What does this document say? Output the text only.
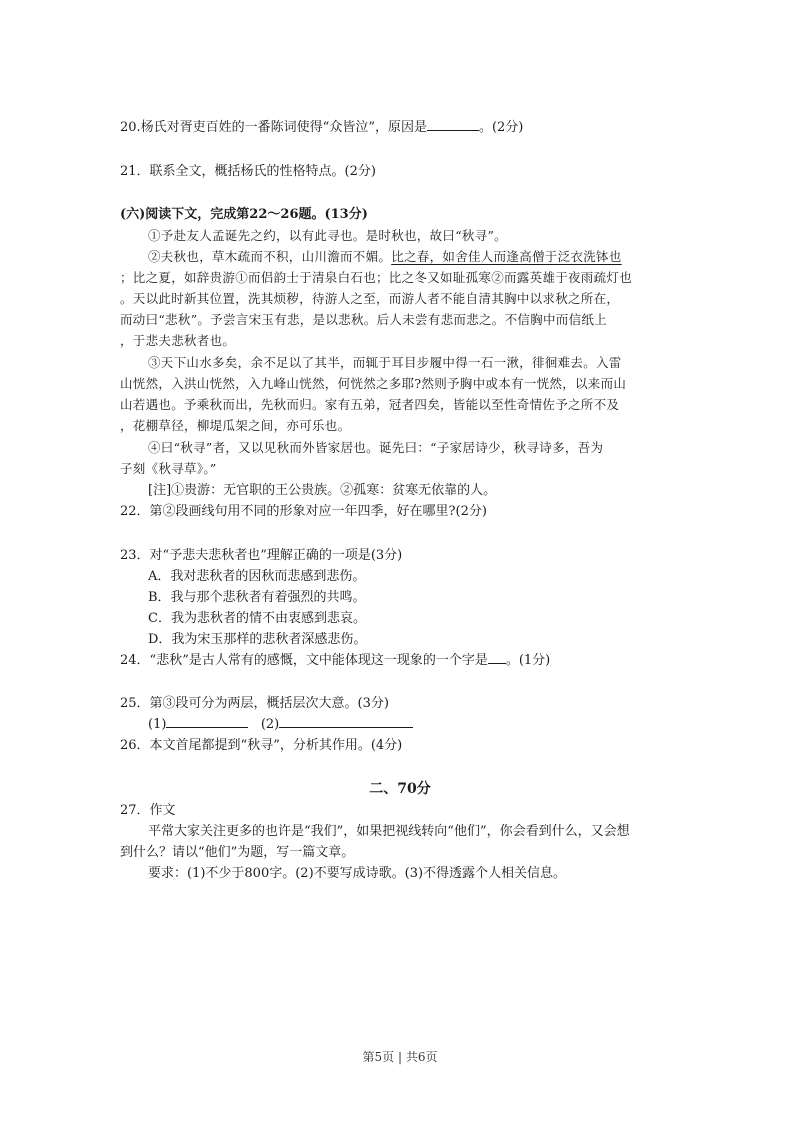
20.杨氏对胥吏百姓的一番陈词使得“众皆泣”，原因是	。(2分)
21．联系全文，概括杨氏的性格特点。(2分)
(六)阅读下文，完成第22～26题。(13分)
①予赴友人孟诞先之约，以有此寻也。是时秋也，故曰“秋寻”。
②夫秋也，草木疏而不积，山川澹而不媚。比之春，如舍佳人而逢高僧于泛衣洗钵也
；比之夏，如辞贵游①而侣韵士于清泉白石也；比之冬又如耻孤寒②而露英雄于夜雨疏灯也
。天以此时新其位置，洗其烦秽，待游人之至，而游人者不能自清其胸中以求秋之所在，
而动曰“悲秋”。予尝言宋玉有悲，是以悲秋。后人未尝有悲而悲之。不信胸中而信纸上
，于悲夫悲秋者也。
③天下山水多矣，余不足以了其半，而辄于耳目步履中得一石一湫，徘徊难去。入雷
山恍然，入洪山恍然，入九峰山恍然，何恍然之多耶?然则予胸中或本有一恍然，以来而山
山若遇也。予乘秋而出，先秋而归。家有五弟，冠者四矣，皆能以至性奇情佐予之所不及
，花棚草径，柳堤瓜架之间，亦可乐也。
④曰“秋寻”者，又以见秋而外皆家居也。诞先曰：“子家居诗少，秋寻诗多，吾为
子刻《秋寻草》。”
[注]①贵游：无官职的王公贵族。②孤寒：贫寒无依靠的人。
22．第②段画线句用不同的形象对应一年四季，好在哪里?(2分)
23．对“予悲夫悲秋者也”理解正确的一项是(3分)
A．我对悲秋者的因秋而悲感到悲伤。
B．我与那个悲秋者有着强烈的共鸣。
C．我为悲秋者的情不由衷感到悲哀。
D．我为宋玉那样的悲秋者深感悲伤。
24．“悲秋”是古人常有的感慨，文中能体现这一现象的一个字是 。(1分)
25．第③段可分为两层，概括层次大意。(3分)
(1)	(2)
26．本文首尾都提到“秋寻”，分析其作用。(4分)
二、70分
27．作文
平常大家关注更多的也许是“我们”，如果把视线转向“他们”，你会看到什么，又会想
到什么？请以“他们”为题，写一篇文章。
要求：(1)不少于800字。(2)不要写成诗歌。(3)不得透露个人相关信息。
第5页 | 共6页
